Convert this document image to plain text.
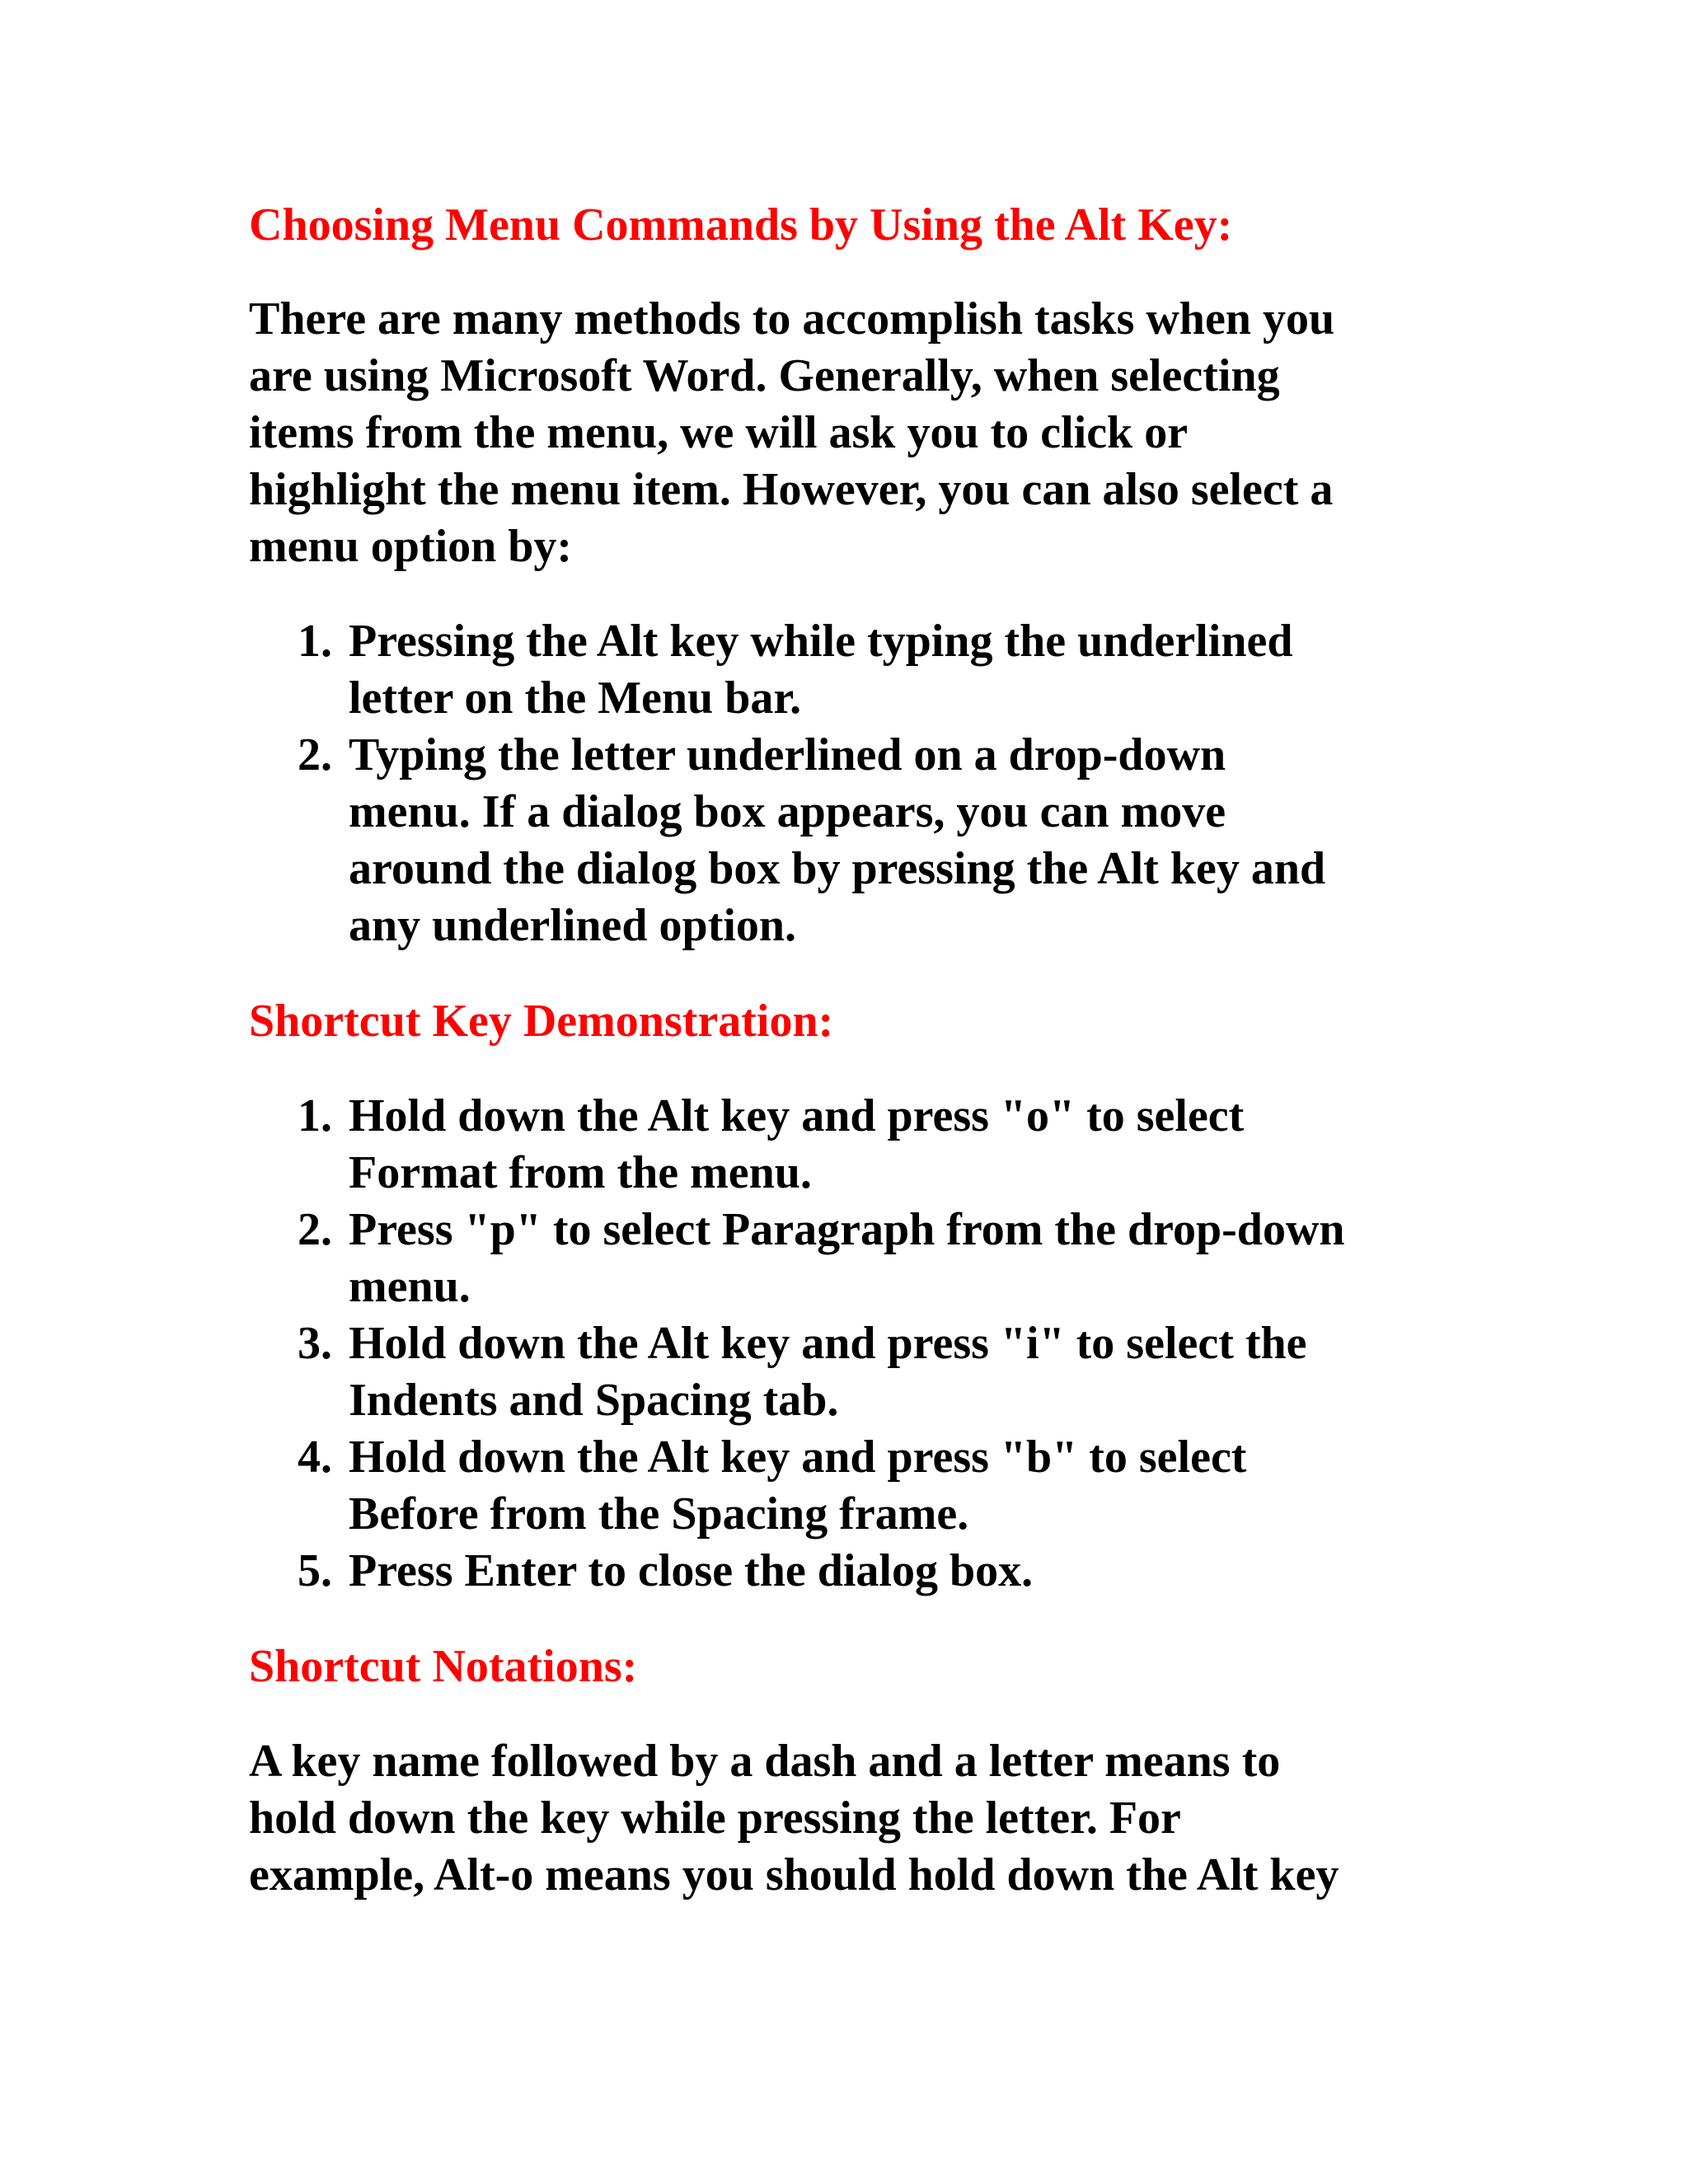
Choosing Menu Commands by Using the Alt Key:

There are many methods to accomplish tasks when you
are using Microsoft Word. Generally, when selecting
items from the menu, we will ask you to click or
highlight the menu item. However, you can also select a
menu option by:

1. Pressing the Alt key while typing the underlined
letter on the Menu bar.
2. Typing the letter underlined on a drop-down
menu. If a dialog box appears, you can move
around the dialog box by pressing the Alt key and
any underlined option.
Shortcut Key Demonstration:
1. Hold down the Alt key and press "o" to select
Format from the menu.
2. Press "p" to select Paragraph from the drop-down
menu.
3. Hold down the Alt key and press "i" to select the
Indents and Spacing tab.
4. Hold down the Alt key and press "b" to select
Before from the Spacing frame.
5. Press Enter to close the dialog box.
Shortcut Notations:

A key name followed by a dash and a letter means to
hold down the key while pressing the letter. For
example, Alt-o means you should hold down the Alt key
